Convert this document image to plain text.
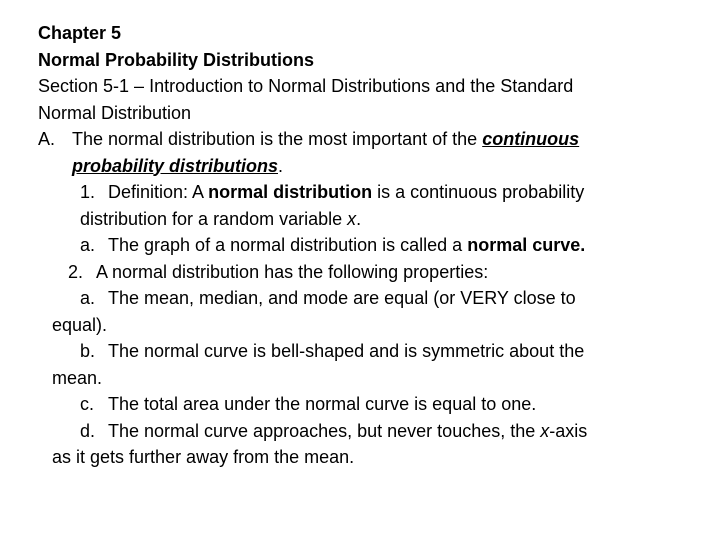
Chapter 5

Normal Probability Distributions

Section 5-1 – Introduction to Normal Distributions and the Standard

Normal Distribution

A. The normal distribution is the most important of the continuous

probability distributions.

1. Definition: A normal distribution is a continuous probability

distribution for a random variable x.

a. The graph of a normal distribution is called a normal curve.

2. A normal distribution has the following properties:

a. The mean, median, and mode are equal (or VERY close to

equal).

b. The normal curve is bell-shaped and is symmetric about the

mean.

c. The total area under the normal curve is equal to one.

d. The normal curve approaches, but never touches, the x-axis

as it gets further away from the mean.
